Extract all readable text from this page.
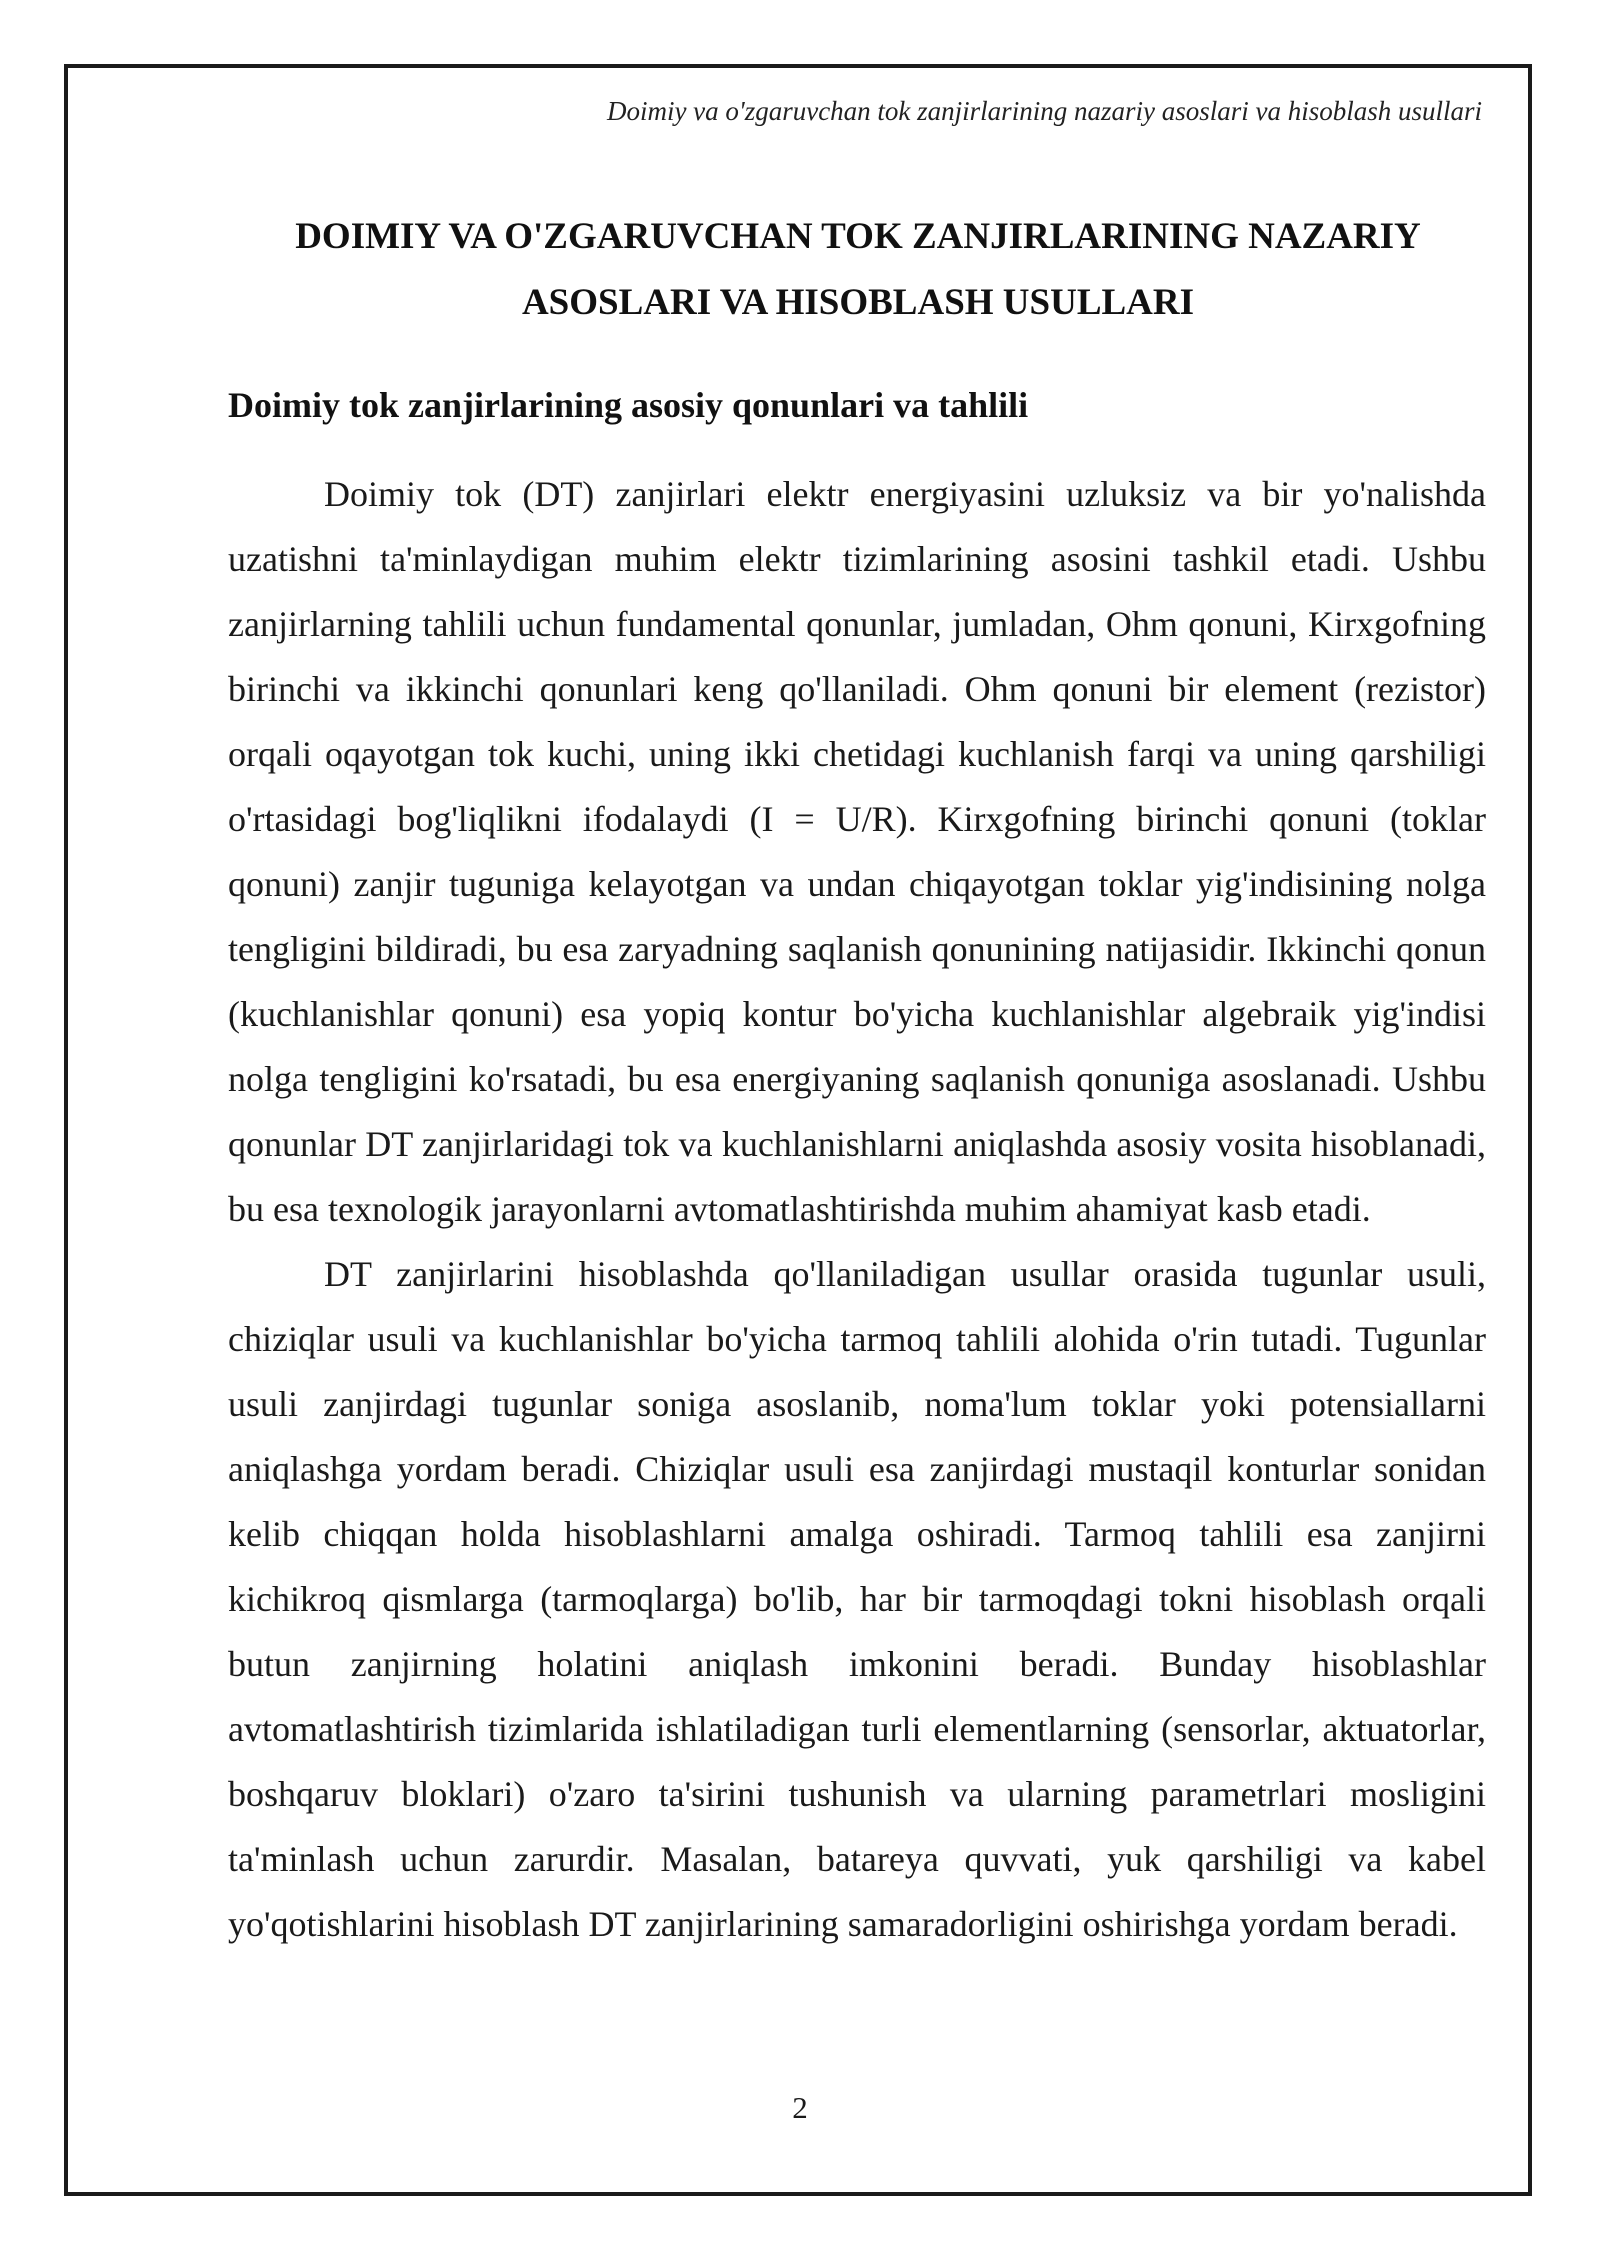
Doimiy va o'zgaruvchan tok zanjirlarining nazariy asoslari va hisoblash usullari
DOIMIY VA O'ZGARUVCHAN TOK ZANJIRLARINING NAZARIY
ASOSLARI VA HISOBLASH USULLARI
Doimiy tok zanjirlarining asosiy qonunlari va tahlili

Doimiy tok (DT) zanjirlari elektr energiyasini uzluksiz va bir yo'nalishda uzatishni ta'minlaydigan muhim elektr tizimlarining asosini tashkil etadi. Ushbu zanjirlarning tahlili uchun fundamental qonunlar, jumladan, Ohm qonuni, Kirxgofning birinchi va ikkinchi qonunlari keng qo'llaniladi. Ohm qonuni bir element (rezistor) orqali oqayotgan tok kuchi, uning ikki chetidagi kuchlanish farqi va uning qarshiligi o'rtasidagi bog'liqlikni ifodalaydi (I = U/R). Kirxgofning birinchi qonuni (toklar qonuni) zanjir tuguniga kelayotgan va undan chiqayotgan toklar yig'indisining nolga tengligini bildiradi, bu esa zaryadning saqlanish qonunining natijasidir. Ikkinchi qonun (kuchlanishlar qonuni) esa yopiq kontur bo'yicha kuchlanishlar algebraik yig'indisi nolga tengligini ko'rsatadi, bu esa energiyaning saqlanish qonuniga asoslanadi. Ushbu qonunlar DT zanjirlaridagi tok va kuchlanishlarni aniqlashda asosiy vosita hisoblanadi, bu esa texnologik jarayonlarni avtomatlashtirishda muhim ahamiyat kasb etadi.

DT zanjirlarini hisoblashda qo'llaniladigan usullar orasida tugunlar usuli, chiziqlar usuli va kuchlanishlar bo'yicha tarmoq tahlili alohida o'rin tutadi. Tugunlar usuli zanjirdagi tugunlar soniga asoslanib, noma'lum toklar yoki potensiallarni aniqlashga yordam beradi. Chiziqlar usuli esa zanjirdagi mustaqil konturlar sonidan kelib chiqqan holda hisoblashlarni amalga oshiradi. Tarmoq tahlili esa zanjirni kichikroq qismlarga (tarmoqlarga) bo'lib, har bir tarmoqdagi tokni hisoblash orqali butun zanjirning holatini aniqlash imkonini beradi. Bunday hisoblashlar avtomatlashtirish tizimlarida ishlatiladigan turli elementlarning (sensorlar, aktuatorlar, boshqaruv bloklari) o'zaro ta'sirini tushunish va ularning parametrlari mosligini ta'minlash uchun zarurdir. Masalan, batareya quvvati, yuk qarshiligi va kabel yo'qotishlarini hisoblash DT zanjirlarining samaradorligini oshirishga yordam beradi.

2
